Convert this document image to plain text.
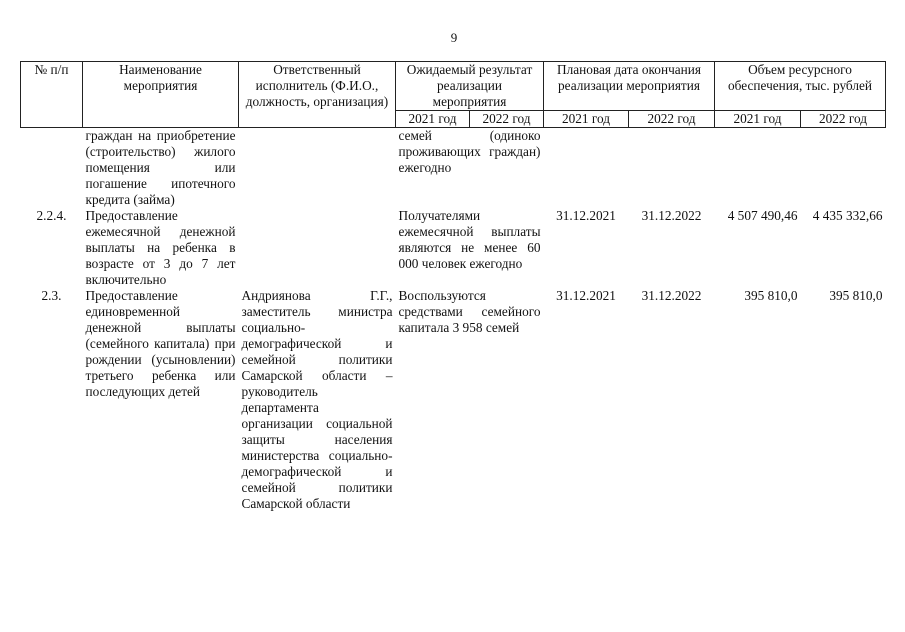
9
№ п/п	Наименование мероприятия	Ответственный исполнитель (Ф.И.О., должность, организация)	Ожидаемый результат реализации мероприятия		Плановая дата окончания реализации мероприятия		Объем ресурсного обеспечения, тыс. рублей	
			2021 год	2022 год	2021 год	2022 год	2021 год	2022 год
	граждан на приобретение (строительство) жилого помещения или погашение ипотечного кредита (займа)		семей (одиноко проживающих граждан) ежегодно					
2.2.4.	Предоставление ежемесячной денежной выплаты на ребенка в возрасте от 3 до 7 лет включительно		Получателями ежемесячной выплаты являются не менее 60 000 человек ежегодно		31.12.2021	31.12.2022	4 507 490,46	4 435 332,66
2.3.	Предоставление единовременной денежной выплаты (семейного капитала) при рождении (усыновлении) третьего ребенка или последующих детей	Андриянова Г.Г., заместитель министра социально-демографической и семейной политики Самарской области – руководитель департамента организации социальной защиты населения министерства социально-демографической и семейной политики Самарской области	Воспользуются средствами семейного капитала 3 958 семей		31.12.2021	31.12.2022	395 810,0	395 810,0
